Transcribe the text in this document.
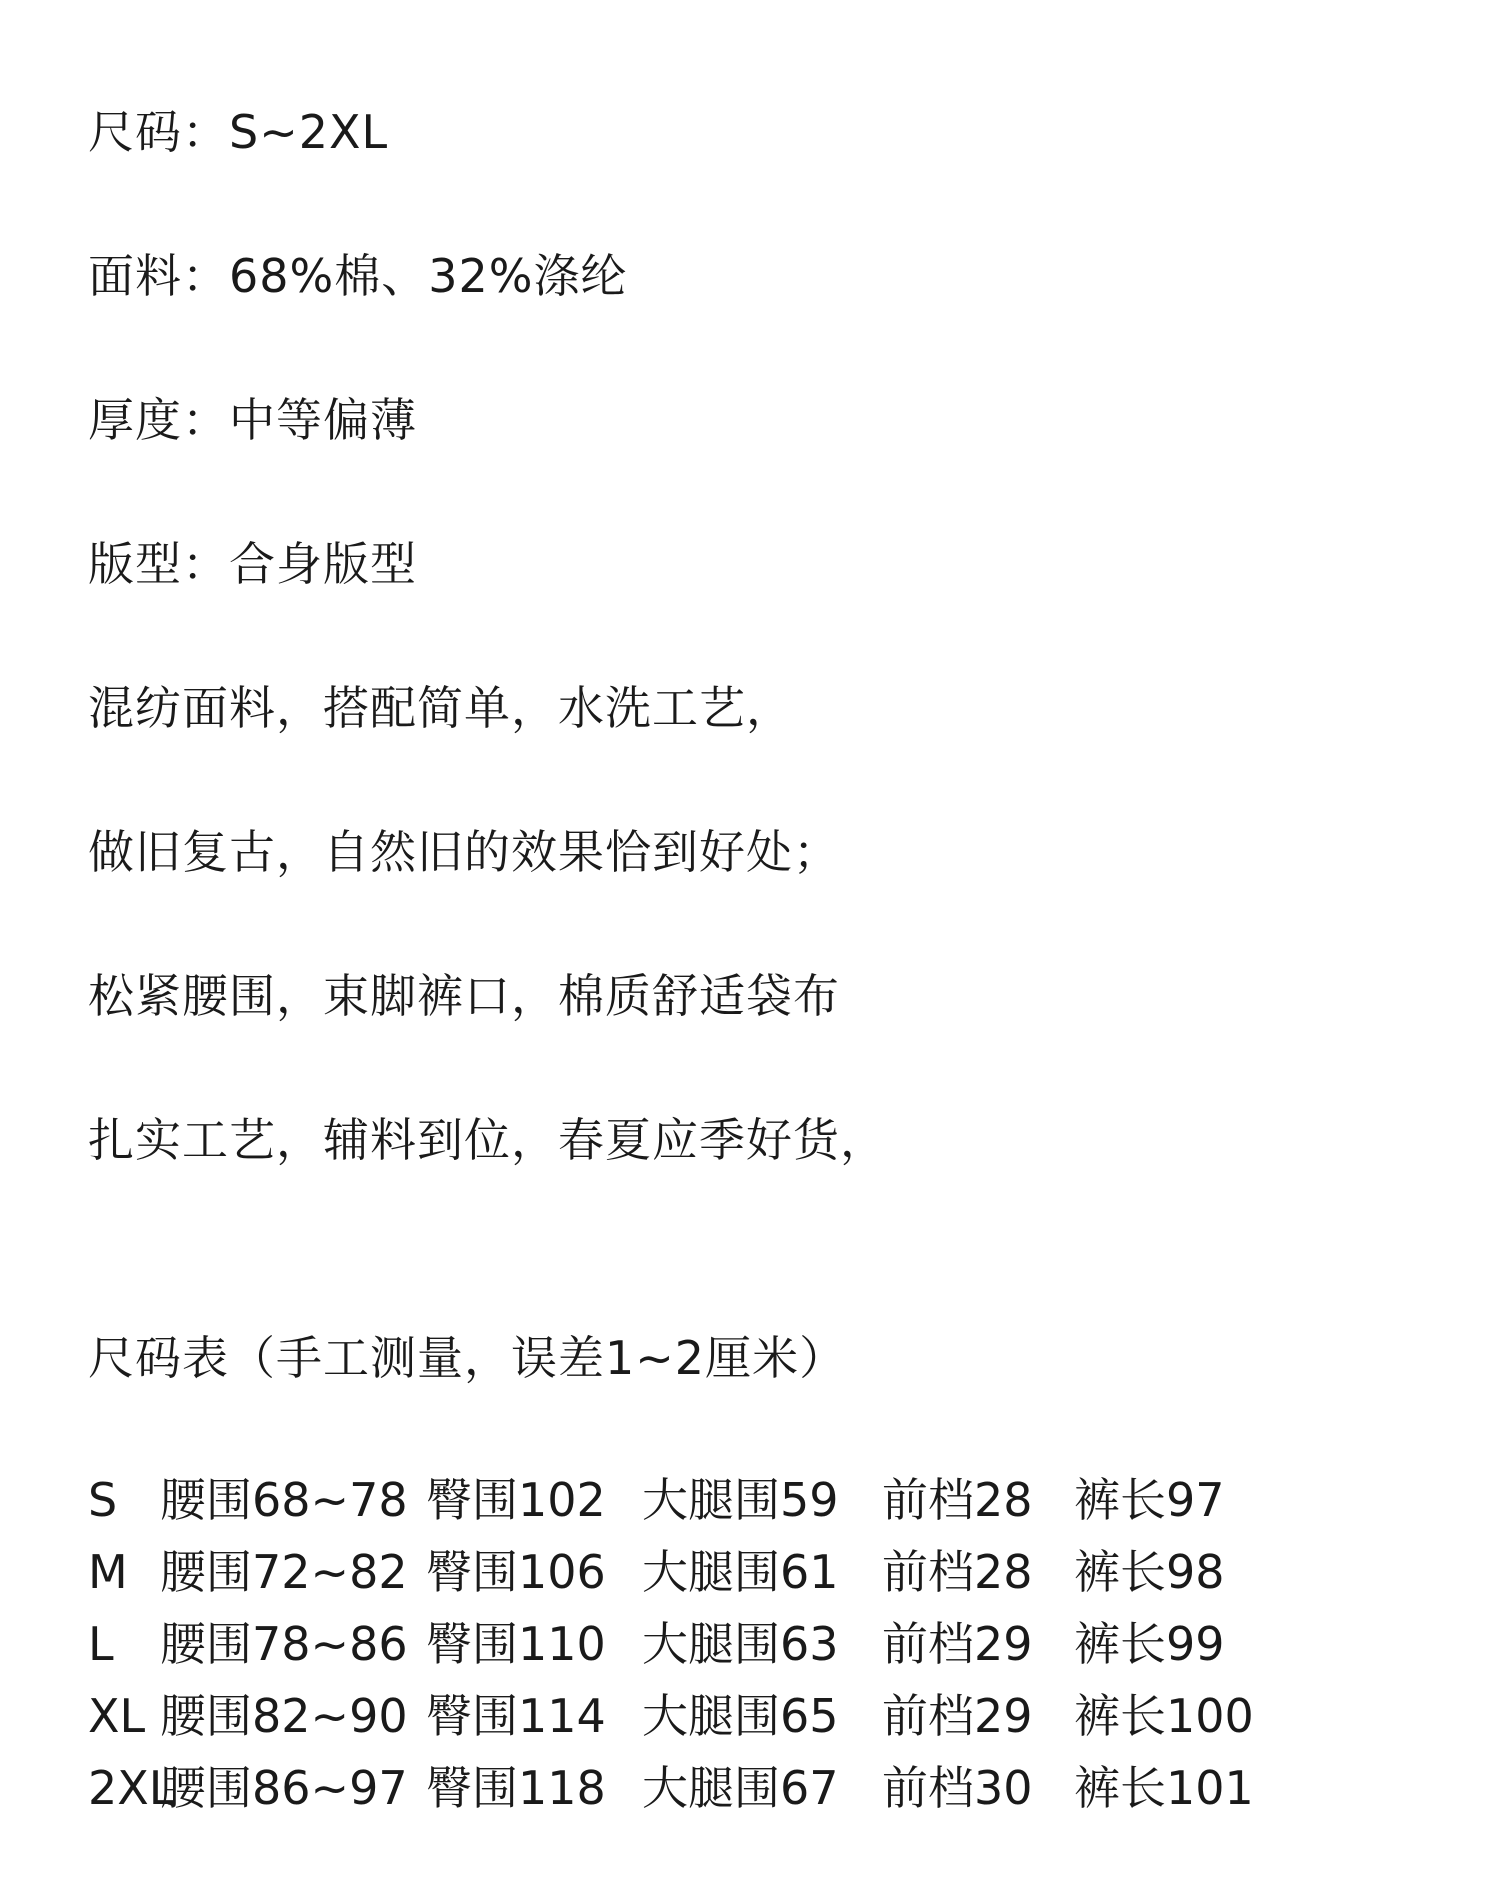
尺码：S~2XL
面料：68%棉、32%涤纶
厚度：中等偏薄
版型：合身版型
混纺面料，搭配简单，水洗工艺，
做旧复古，自然旧的效果恰到好处；
松紧腰围，束脚裤口，棉质舒适袋布
扎实工艺，辅料到位，春夏应季好货，
尺码表（手工测量，误差1~2厘米）
S 腰围68~78 臀围102 大腿围59 前档28 裤长97
M 腰围72~82 臀围106 大腿围61 前档28 裤长98
L 腰围78~86 臀围110 大腿围63 前档29 裤长99
XL 腰围82~90 臀围114 大腿围65 前档29 裤长100
2XL
腰围86~97 臀围118 大腿围67 前档30 裤长101
